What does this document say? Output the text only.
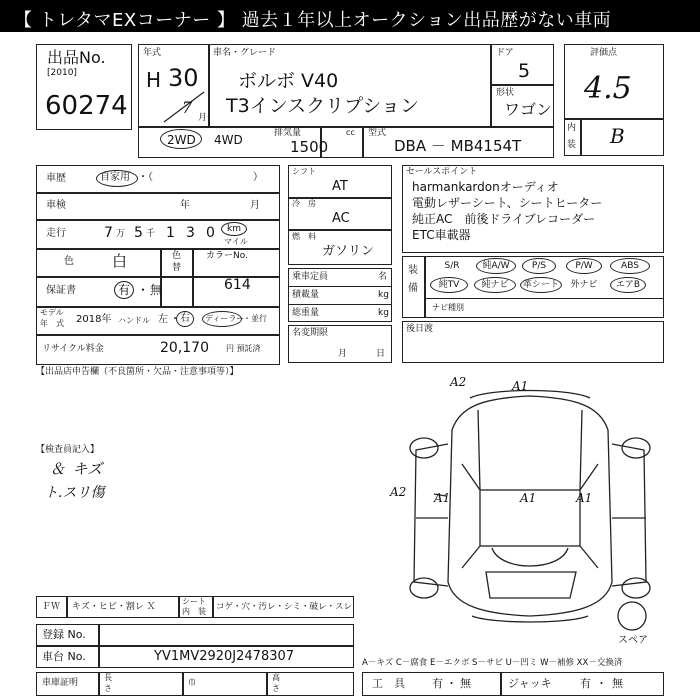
【 トレタマEXコーナー 】 過去１年以上オークション出品歴がない車両
出品No.
[2010]
60274
年式
H 30
7
月
車名・グレード
ボルボ V40
T3インスクリプション
ドア
5
形状
ワゴン
2WD 4WD	排気量	cc
1500
型式
DBA － MB4154T
評価点
4.5
内
装 B
車歴	自家用 ・（　　　　　　　　　　）
車検	年	月
走行	7 万 5 千 1 3 0 km
マイル
色	白	色
替
カラーNo.
614
保証書	有 ・ 無
モデル
年　式 2018年 ハンドル 左 ・ 右 ディーラー
・並行
リサイクル料金	20,170 円 預託済
シフト
AT
冷　房
AC
燃　料
ガソリン
乗車定員	名
積載量	kg
総重量	kg
名変期限
月	日
セールスポイント
harmankardonオーディオ
電動レザーシート、シートヒーター
純正AC　前後ドライブレコーダー
ETC車載器
装
備
S/R	純A/W	P/S	P/W	ABS
純TV	純ナビ	革シート	外ナビ	エアB
ナビ種別
後日渡
【出品店申告欄（不良箇所・欠品・注意事項等）】
【検査員記入】
＆ キズ
ト.スリ傷
A2	A1
A2 A1	A1	A1
スペア
ＦＷ キズ・ヒビ・割レ Ｘ
シート
内　装 コゲ・穴・汚レ・シミ・破レ・スレ
登録 No.
車台 No.	YV1MV2920J2478307	A－キズ C－腐食 E－エクボ S－サビ U－凹ミ W－補修 XX－交換済
車庫証明
長
さ
巾
高
さ	工　具 有 ・ 無	ジャッキ	有 ・ 無
